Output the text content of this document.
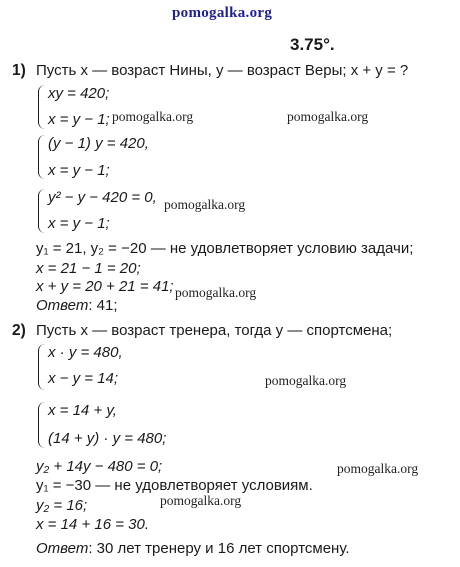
pomogalka.org
pomogalka.org	pomogalka.org
pomogalka.org
pomogalka.org
pomogalka.org
pomogalka.org
pomogalka.org
3.75°.
1) Пусть x — возраст Нины, y — возраст Веры; x + y = ?
xy = 420;
x = y − 1;
(y − 1) y = 420,
x = y − 1;
y² − y − 420 = 0,
x = y − 1;
y₁ = 21, y₂ = −20 — не удовлетворяет условию задачи;
x = 21 − 1 = 20;
x + y = 20 + 21 = 41;
Ответ: 41;
2) Пусть x — возраст тренера, тогда y — спортсмена;
x · y = 480,
x − y = 14;
x = 14 + y,
(14 + y) · y = 480;
y₂ + 14y − 480 = 0;
y₁ = −30 — не удовлетворяет условиям.
y₂ = 16;
x = 14 + 16 = 30.
Ответ: 30 лет тренеру и 16 лет спортсмену.
